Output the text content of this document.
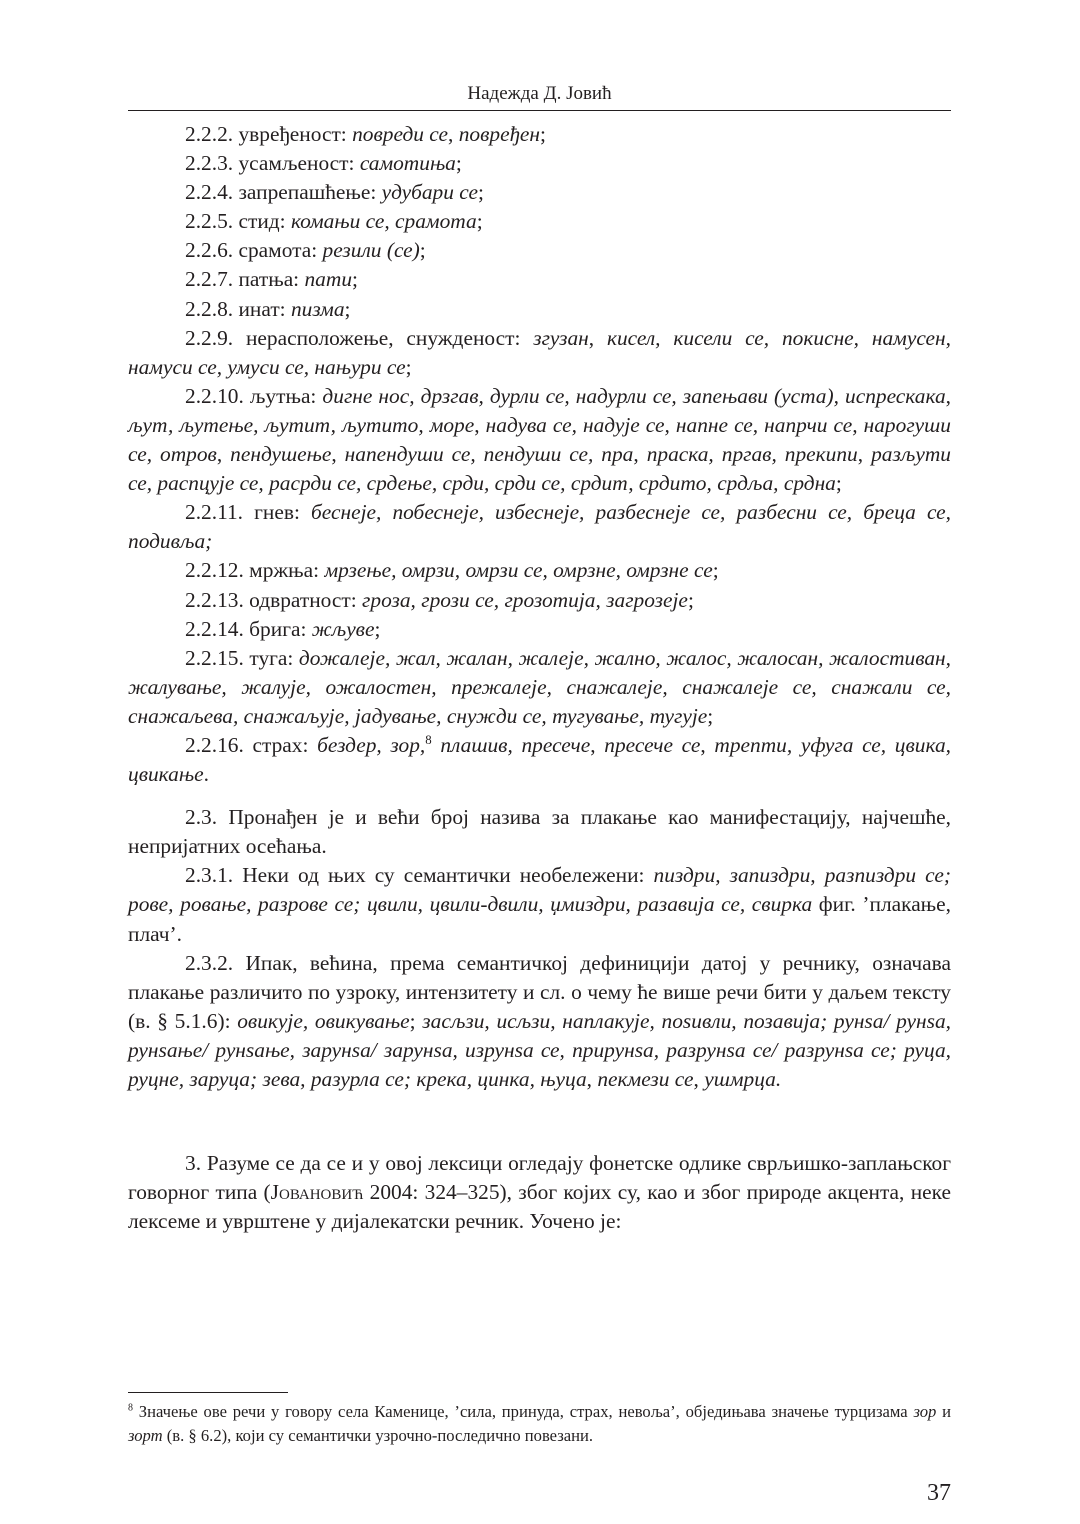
Надежда Д. Јовић

2.2.2. увређеност: повреди се, повређен;

2.2.3. усамљеност: самотиња;

2.2.4. запрепашћење: удубари се;

2.2.5. стид: комањи се, срамота;

2.2.6. срамота: резили (се);

2.2.7. патња: пати;

2.2.8. инат: пизма;

2.2.9. нерасположење, снужденост: згузан, кисел, кисели се, покисне, намусен, намуси се, умуси се, нањури се;

2.2.10. љутња: дигне нос, дрзгав, дурли се, надурли се, запењави (уста), испрескака, љут, љутење, љутит, љутито, море, надува се, надује се, напне се, напрчи се, нарогуши се, отров, пендушење, напендуши се, пендуши се, пра, праска, пргав, прекипи, разљути се, распцује се, расрди се, срдење, срди, срди се, срдит, срдито, срдља, срдна;

2.2.11. гнев: беснеје, побеснеје, избеснеје, разбеснеје се, разбесни се, бреца се, подивља;

2.2.12. мржња: мрзење, омрзи, омрзи се, омрзне, омрзне се;

2.2.13. одвратност: гроза, грози се, грозотија, загрозеје;

2.2.14. брига: жљуве;

2.2.15. туга: дожалеје, жал, жалан, жалеје, жално, жалос, жалосан, жалостиван, жалување, жалује, ожалостен, прежалеје, снажалеје, снажалеје се, снажали се, снажаљева, снажаљује, јадување, снужди се, тугување, тугује;

2.2.16. страх: бездер, зор,$^8$ плашив, пресече, пресече се, трепти, уфуга се, цвика, цвикање.

2.3. Пронађен је и већи број назива за плакање као манифестацију, најчешће, непријатних осећања.

2.3.1. Неки од њих су семантички необележени: пиздри, запиздри, разпиздри се; рове, ровање, разрове се; цвили, цвили-двили, џмиздри, разавија се, свирка фиг. ’плакање, плач’.

2.3.2. Ипак, већина, према семантичкој дефиницији датој у речнику, означава плакање различито по узроку, интензитету и сл. о чему ће више речи бити у даљем тексту (в. § 5.1.6): овикује, овикување; засљзи, исљзи, наплакује, поѕивли, позавија; рунѕа/ рунѕа, рунѕање/ рунѕање, зарунѕа/ зарунѕа, изрунѕа се, прирунѕа, разрунѕа се/ разрунѕа се; руца, руцне, заруца; зева, разурла се; крека, цинка, њуца, пекмези се, ушмрца.

3. Разуме се да се и у овој лексици огледају фонетске одлике сврљишко-заплањског говорног типа (Јовановић 2004: 324–325), због којих су, као и због природе акцента, неке лексеме и уврштене у дијалекатски речник. Уочено је:

$^8$ Значење ове речи у говору села Каменице, ’сила, принуда, страх, невоља’, обједињава значење турцизама зор и зорт (в. § 6.2), који су семантички узрочно-последично повезани.
37
